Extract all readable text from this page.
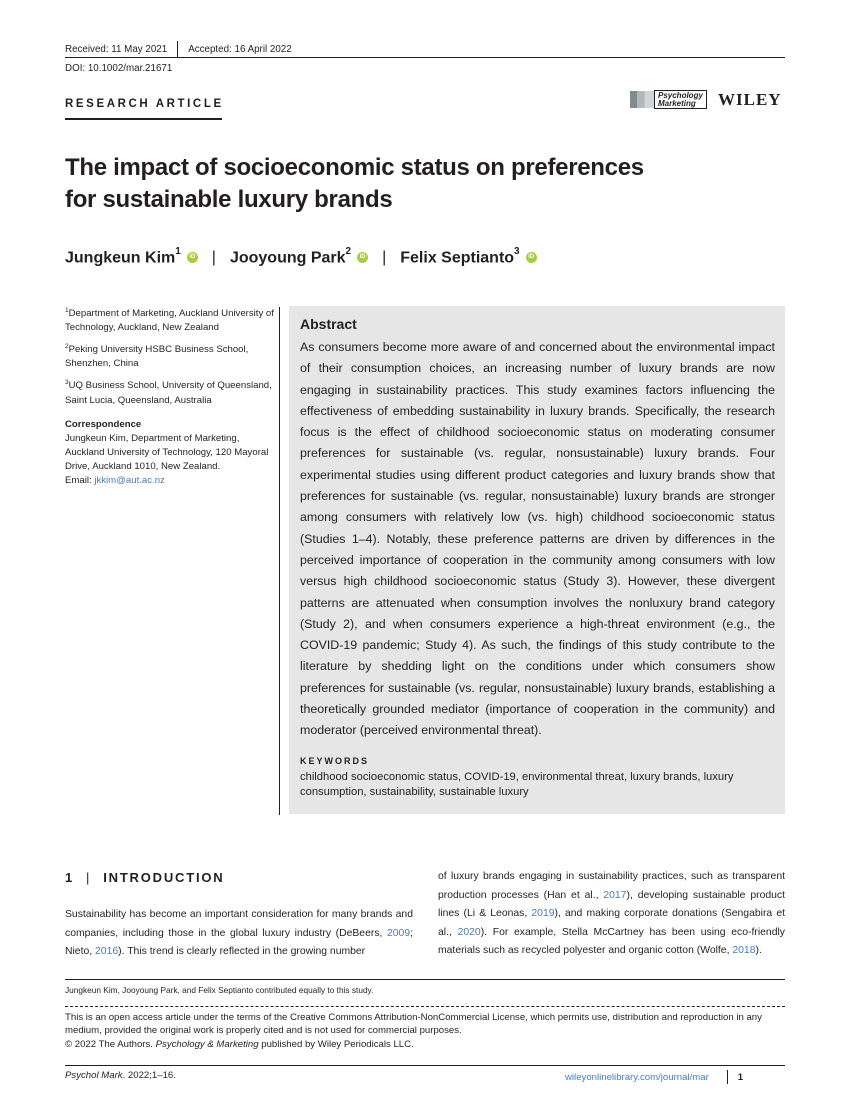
Received: 11 May 2021 Accepted: 16 April 2022
DOI: 10.1002/mar.21671
RESEARCH ARTICLE
Psychology
Marketing	WILEY
The impact of socioeconomic status on preferences
for sustainable luxury brands
Jungkeun Kim$^1$
iD | Jooyoung Park$^2$
iD | Felix Septianto$^3$
iD

$^1$Department of Marketing, Auckland University of Technology, Auckland, New Zealand

$^2$Peking University HSBC Business School, Shenzhen, China

$^3$UQ Business School, University of Queensland, Saint Lucia, Queensland, Australia

Correspondence
Jungkeun Kim, Department of Marketing, Auckland University of Technology, 120 Mayoral Drive, Auckland 1010, New Zealand.
Email: jkkim@aut.ac.nz
Abstract
As consumers become more aware of and concerned about the environmental impact of their consumption choices, an increasing number of luxury brands are now engaging in sustainability practices. This study examines factors influencing the effectiveness of embedding sustainability in luxury brands. Specifically, the research focus is the effect of childhood socioeconomic status on moderating consumer preferences for sustainable (vs. regular, nonsustainable) luxury brands. Four experimental studies using different product categories and luxury brands show that preferences for sustainable (vs. regular, nonsustainable) luxury brands are stronger among consumers with relatively low (vs. high) childhood socioeconomic status (Studies 1–4). Notably, these preference patterns are driven by differences in the perceived importance of cooperation in the community among consumers with low versus high childhood socioeconomic status (Study 3). However, these divergent patterns are attenuated when consumption involves the nonluxury brand category (Study 2), and when consumers experience a high-threat environment (e.g., the COVID-19 pandemic; Study 4). As such, the findings of this study contribute to the literature by shedding light on the conditions under which consumers show preferences for sustainable (vs. regular, nonsustainable) luxury brands, establishing a theoretically grounded mediator (importance of cooperation in the community) and moderator (perceived environmental threat).
KEYWORDS
childhood socioeconomic status, COVID-19, environmental threat, luxury brands, luxury consumption, sustainability, sustainable luxury
1 | INTRODUCTION
Sustainability has become an important consideration for many brands and companies, including those in the global luxury industry (DeBeers, 2009; Nieto, 2016). This trend is clearly reflected in the growing number
of luxury brands engaging in sustainability practices, such as transparent production processes (Han et al., 2017), developing sustainable product lines (Li & Leonas, 2019), and making corporate donations (Sengabira et al., 2020). For example, Stella McCartney has been using eco-friendly materials such as recycled polyester and organic cotton (Wolfe, 2018).
Jungkeun Kim, Jooyoung Park, and Felix Septianto contributed equally to this study.
This is an open access article under the terms of the Creative Commons Attribution-NonCommercial License, which permits use, distribution and reproduction in any medium, provided the original work is properly cited and is not used for commercial purposes.
© 2022 The Authors. Psychology & Marketing published by Wiley Periodicals LLC.
Psychol Mark. 2022;1–16.	wileyonlinelibrary.com/journal/mar	1
